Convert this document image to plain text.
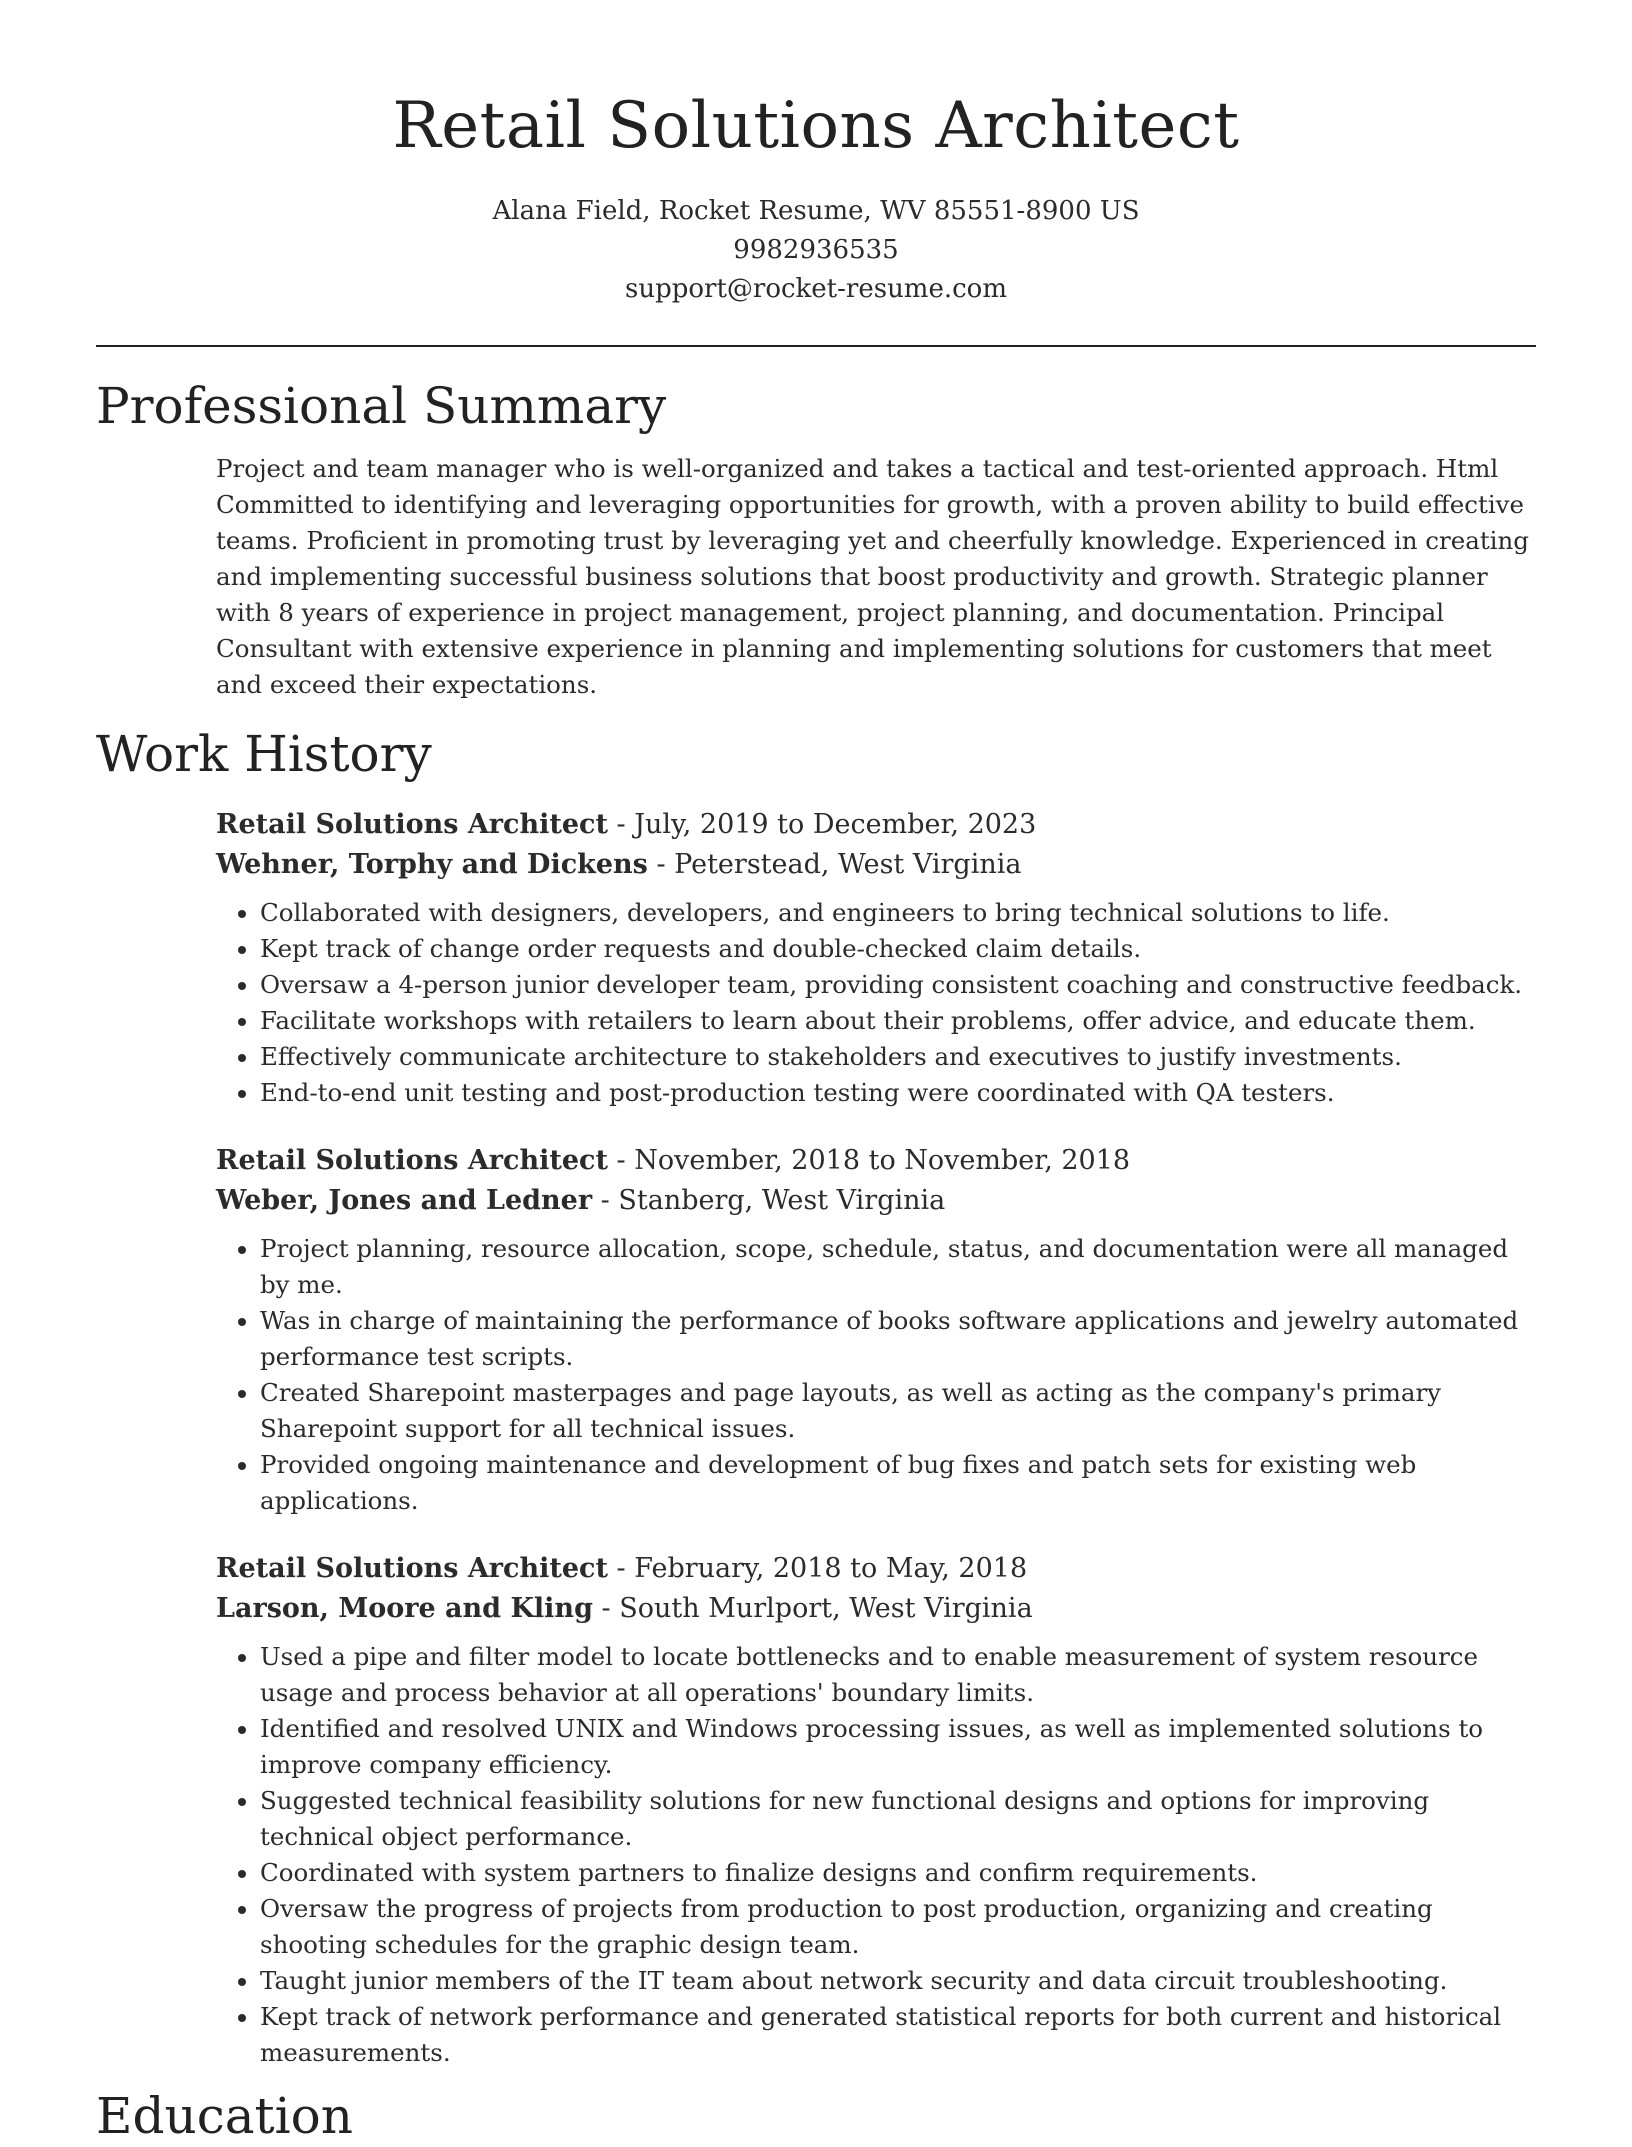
Retail Solutions Architect
Alana Field, Rocket Resume, WV 85551-8900 US
9982936535
support@rocket-resume.com
Professional Summary
Project and team manager who is well-organized and takes a tactical and test-oriented approach. Html Committed to identifying and leveraging opportunities for growth, with a proven ability to build effective teams. Proficient in promoting trust by leveraging yet and cheerfully knowledge. Experienced in creating and implementing successful business solutions that boost productivity and growth. Strategic planner with 8 years of experience in project management, project planning, and documentation. Principal Consultant with extensive experience in planning and implementing solutions for customers that meet and exceed their expectations.
Work History
Retail Solutions Architect - July, 2019 to December, 2023
Wehner, Torphy and Dickens - Peterstead, West Virginia
• Collaborated with designers, developers, and engineers to bring technical solutions to life.
• Kept track of change order requests and double-checked claim details.
• Oversaw a 4-person junior developer team, providing consistent coaching and constructive feedback.
• Facilitate workshops with retailers to learn about their problems, offer advice, and educate them.
• Effectively communicate architecture to stakeholders and executives to justify investments.
• End-to-end unit testing and post-production testing were coordinated with QA testers.
Retail Solutions Architect - November, 2018 to November, 2018
Weber, Jones and Ledner - Stanberg, West Virginia
• Project planning, resource allocation, scope, schedule, status, and documentation were all managed by me.
• Was in charge of maintaining the performance of books software applications and jewelry automated performance test scripts.
• Created Sharepoint masterpages and page layouts, as well as acting as the company's primary Sharepoint support for all technical issues.
• Provided ongoing maintenance and development of bug fixes and patch sets for existing web applications.
Retail Solutions Architect - February, 2018 to May, 2018
Larson, Moore and Kling - South Murlport, West Virginia
• Used a pipe and filter model to locate bottlenecks and to enable measurement of system resource usage and process behavior at all operations' boundary limits.
• Identified and resolved UNIX and Windows processing issues, as well as implemented solutions to improve company efficiency.
• Suggested technical feasibility solutions for new functional designs and options for improving technical object performance.
• Coordinated with system partners to finalize designs and confirm requirements.
• Oversaw the progress of projects from production to post production, organizing and creating shooting schedules for the graphic design team.
• Taught junior members of the IT team about network security and data circuit troubleshooting.
• Kept track of network performance and generated statistical reports for both current and historical measurements.
Education
